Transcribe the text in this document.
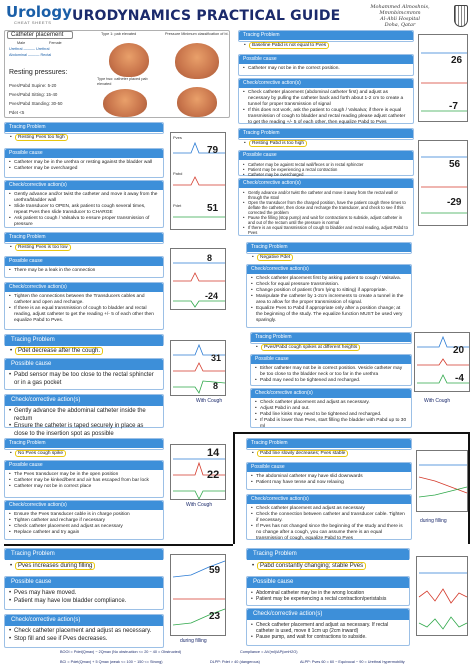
Urology
CHEAT SHEETS	URODYNAMICS PRACTICAL GUIDE
Mohammed Almoshnis, Mmmbimcmmm
Al-Ahli Hospital
Doha, Qatar
Catheter placement
Male	Female
Urethral ——— Urethral
Abdominal ——— Rectal
Resting pressures:
Pves/Pabd Supine: 5-20
Pves/Pabd Sitting: 15-40
Pves/Pabd Standing: 30-50
Pdet <5
Type 1: pab elevated
Type two: catheter placed pab elevated
Pressure Minimum classification of bl.
Tracing Problem
• Resting Pves too high
Possible cause
• Catheter may be in the urethra or resting against the bladder wall
• Catheter may be overcharged
Check/corrective action(s)
• Gently advance and/or twist the catheter and move it away from the urethra/bladder wall
• Slide transducer to OPEN, ask patient to cough several times, repeat Pves then slide transducer to CHARGE
• Ask patient to cough / Valsalva to ensure proper transmission of pressure
Tracing Problem
• Resting Pves is too low
Possible cause
• There may be a leak in the connection
Check/corrective action(s)
• Tighten the connections between the Transducers cables and catheter and open and recharge.
• If there is an equal transmission of cough to bladder and rectal reading, adjust catheter to get the reading +/- 5 of each other then equalize Pabd to Pves.
Tracing Problem
• Pdet decrease after the cough.
Possible cause
• Pabd sensor may be too close to the rectal sphincter or in a gas pocket
Check/corrective action(s)
• Gently advance the abdominal catheter inside the rectum
• Ensure the catheter is taped securely in place as close to the insertion spot as possible
Tracing Problem
• No Pves cough spike
Possible cause
• The Pves transducer may be in the open position
• Catheter may be kinked/bent and air has escaped from bar lock
• Catheter may not be in correct place
Check/corrective action(s)
• Ensure the Pves transducer cable is in charge position
• Tighten catheter and recharge if necessary
• Check catheter placement and adjust as necessary
• Replace catheter and try again
Tracing Problem
• Pves increases during filling
Possible cause
• Pves may have moved.
• Patient may have low bladder compliance.
Check/corrective action(s)
• Check catheter placement and adjust as necessary.
• Stop fill and see if Pves decreases.
79
51
Pves
Pabd
Pdet
8
-24
31
8
With Cough
14
22
With Cough
59
23
during filling
Tracing Problem
• Baseline Pabd is not equal to Pves
Possible cause
• Catheter may not be in the correct position.
Check/corrective action(s)
• Check catheter placement (abdominal catheter first) and adjust as necessary by pulling the catheter back and forth about 1-2 cm to create a tunnel for proper transmission of signal
• If this does not work, ask the patient to cough / Valsalva; if there is equal transmission of cough to bladder and rectal reading please adjust catheter to get the reading +/- 5 of each other, then equalize Pabd to Pves
Tracing Problem
• Resting Pabd is too high
Possible cause
• Catheter may be against rectal wall/feces or in rectal sphincter
• Patient may be experiencing a rectal contraction
• Catheter may be overcharged
Check/corrective action(s)
• Gently advance and/or twist the catheter and move it away from the rectal wall or through the stool
• Open the transducer from the charged position, have the patient cough three times to deflate the catheter, then close and recharge the transducer, and check to see if this corrected the problem
• Pause the filling (stop pump) and wait for contractions to subside, adjust catheter in and out of the rectum until the pressure is normal
• If there is an equal transmission of cough to bladder and rectal reading, adjust Pabd to Pves
Tracing Problem
• Negative Pdet
Check/corrective action(s)
• Check catheter placement first by asking patient to cough / Valsalva.
• Check for equal pressure transmission.
• Change position of patient (from lying to sitting) if appropriate.
• Manipulate the catheter by 1-2cm increments to create a tunnel in the area to allow for the proper transmission of signal.
• Equalize Pves to Pabd if appropriate only after a position change; at the beginning of the study. The equalize function MUST be used very sparingly.
Tracing Problem
• Pves/Pabd cough spikes at different heights
Possible cause
• Either catheter may not be in correct position. Vesicle catheter may be too close to the bladder neck or too far in the urethra
• Pabd may need to be tightened and recharged.
Check/corrective action(s)
• Check catheter placement and adjust as necessary.
• Adjust Pabd in and out.
• Pabd line kinks may need to be tightened and recharged.
• If Pabd is lower than Pves, start filling the bladder with Pabd up to 30 ml
Tracing Problem
• Pabd line slowly decreases; Pves stable
Possible cause
• The abdominal catheter may have slid downwards
• Patient may have tense and now relaxing
Check/corrective action(s)
• Check catheter placement and adjust as necessary
• Check the connection between catheter and transducer cable. Tighten if necessary.
• If Pves has not changed since the beginning of the study and there is no change after a cough, you can assume there is an equal transmission of cough, equalize Pabd to Pves
Tracing Problem
• Pabd constantly changing; stable Pves
Possible cause
• Abdominal catheter may be in the wrong location
• Patient may be experiencing a rectal contraction/peristalsis
Check/corrective action(s)
• Check catheter placement and adjust as necessary. If rectal catheter is used, move it 1cm up (2cm inward)
• Pause pump, and wait for contractions to subside.
26
-7
56
-29
20
-4
With Cough
during filling
BOOI = Pdet(Qmax) − 2Qmax (No obstruction <= 20 − 40 = Obstructed)	Compliance = ΔV(ml)/ΔP(cmH2O)
BCI = Pdet(Qmax) + 5 Qmax (weak <= 100 − 150 <= Strong)	DLPP: Pdet > 40 (dangerous)	ALPP: Pves 60 = 60 − Equivocal − 90 = Urethral hypermobility
